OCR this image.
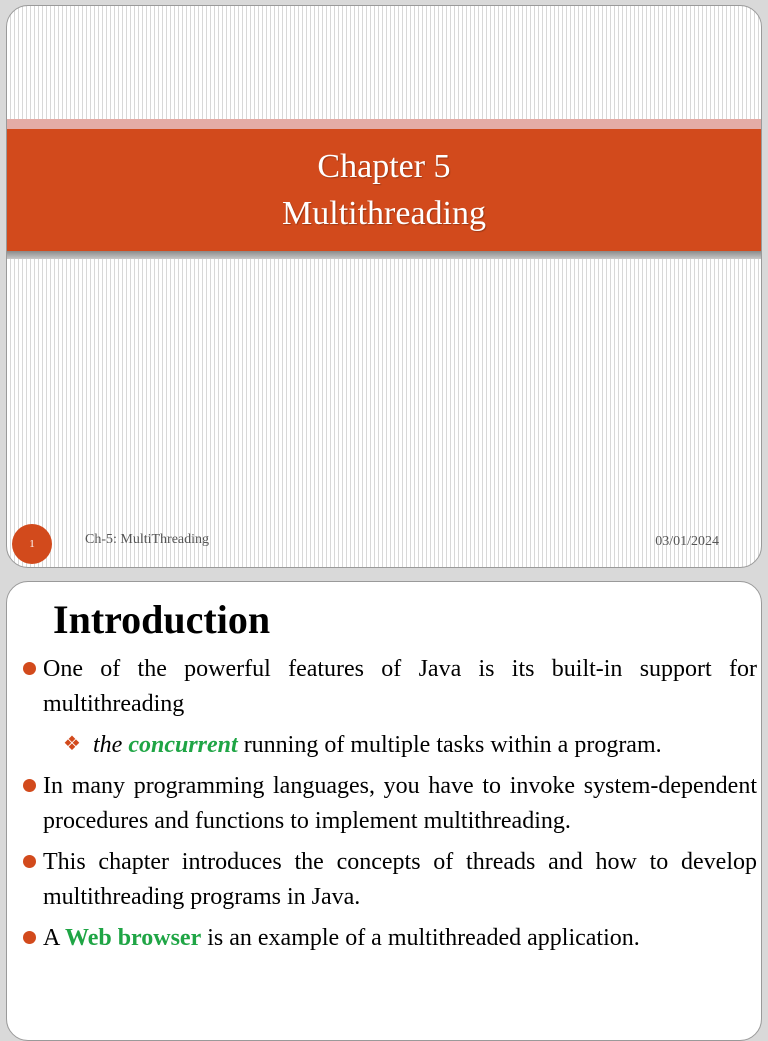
Chapter 5
Multithreading
1	Ch-5: MultiThreading	03/01/2024
Introduction
One of the powerful features of Java is its built-in support for multithreading
❖ the concurrent running of multiple tasks within a program.
In many programming languages, you have to invoke system-dependent procedures and functions to implement multithreading.
This chapter introduces the concepts of threads and how to develop multithreading programs in Java.
A Web browser is an example of a multithreaded application.
